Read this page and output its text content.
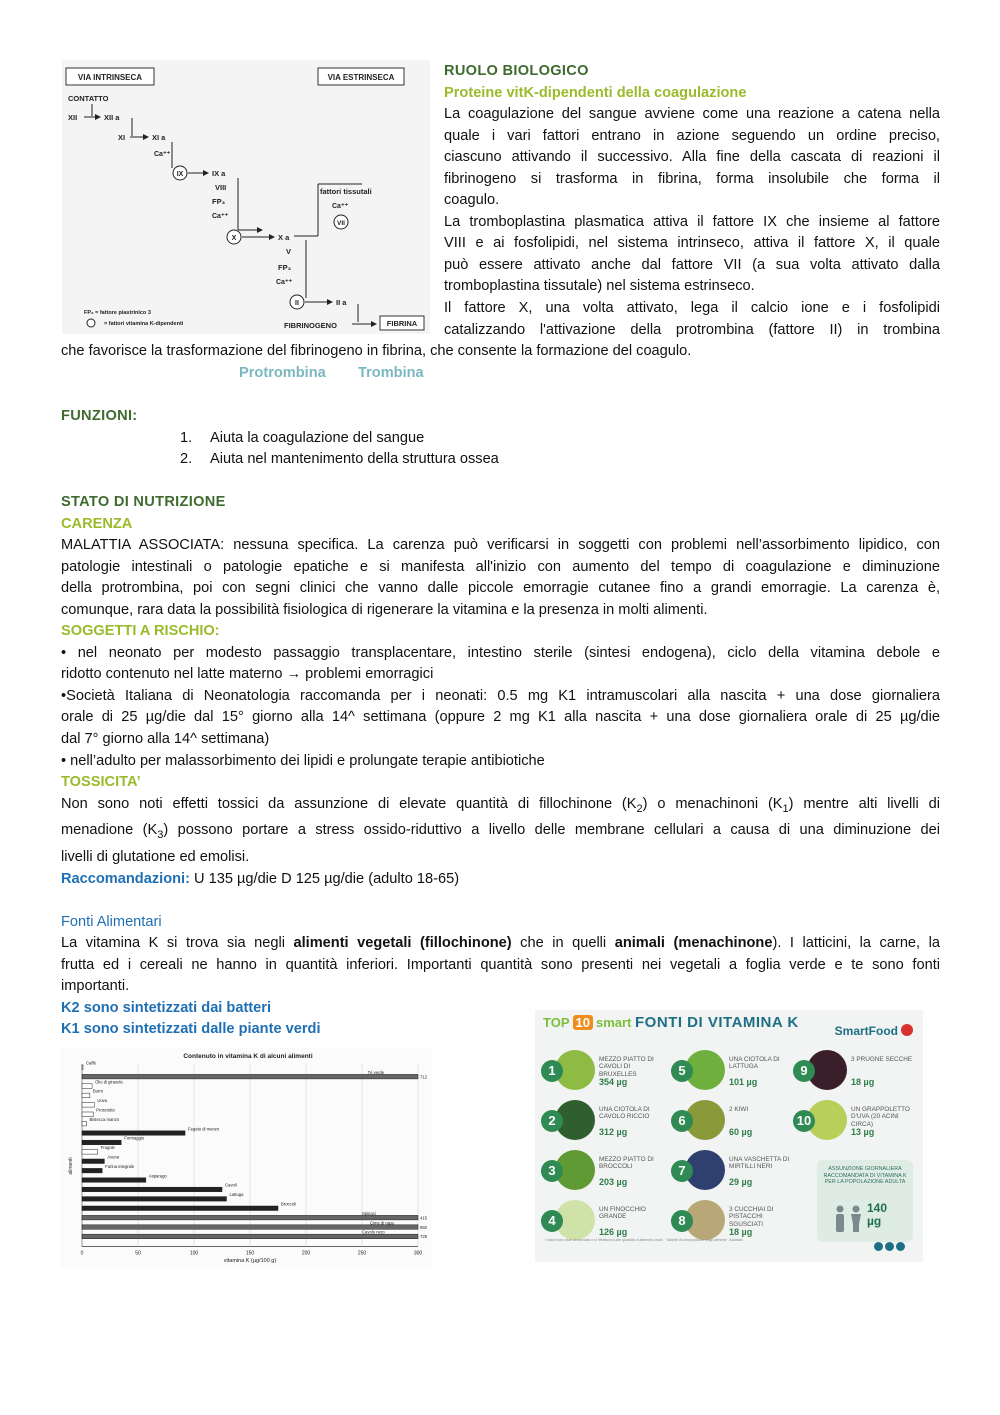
VIA INTRINSECA	VIA ESTRINSECA
CONTATTO
XII	XII a
XI	XI a
Ca⁺⁺
IX	IX a
VIII
FP₃
Ca⁺⁺
fattori tissutali
Ca⁺⁺
VII
X	X a
V
FP₃
Ca⁺⁺
II	II a
FIBRINOGENO	FIBRINA
FP₃ = fattore piastrinico 3
= fattori vitamina K-dipendenti
RUOLO BIOLOGICO
Proteine vitK-dipendenti della coagulazione
La coagulazione del sangue avviene come una reazione a catena nella
quale i vari fattori entrano in azione seguendo un ordine preciso,
ciascuno attivando il successivo. Alla fine della cascata di reazioni il
fibrinogeno si trasforma in fibrina, forma insolubile che forma il
coagulo.
La tromboplastina plasmatica attiva il fattore IX che insieme al fattore
VIII e ai fosfolipidi, nel sistema intrinseco, attiva il fattore X, il quale
può essere attivato anche dal fattore VII (a sua volta attivato dalla
tromboplastina tissutale) nel sistema estrinseco.
Il fattore X, una volta attivato, lega il calcio ione e i fosfolipidi
catalizzando l'attivazione della protrombina (fattore II) in trombina
che favorisce la trasformazione del fibrinogeno in fibrina, che consente la formazione del coagulo.
Protrombina Trombina
FUNZIONI:
1. Aiuta la coagulazione del sangue
2. Aiuta nel mantenimento della struttura ossea
STATO DI NUTRIZIONE
CARENZA
MALATTIA ASSOCIATA: nessuna specifica. La carenza può verificarsi in soggetti con problemi nell’assorbimento lipidico, con
patologie intestinali o patologie epatiche e si manifesta all'inizio con aumento del tempo di coagulazione e diminuzione
della protrombina, poi con segni clinici che vanno dalle piccole emorragie cutanee fino a grandi emorragie. La carenza è,
comunque, rara data la possibilità fisiologica di rigenerare la vitamina e la presenza in molti alimenti.
SOGGETTI A RISCHIO:
• nel neonato per modesto passaggio transplacentare, intestino sterile (sintesi endogena), ciclo della vitamina debole e
ridotto contenuto nel latte materno → problemi emorragici
•Società Italiana di Neonatologia raccomanda per i neonati: 0.5 mg K1 intramuscolari alla nascita + una dose giornaliera
orale di 25 µg/die dal 15° giorno alla 14^ settimana (oppure 2 mg K1 alla nascita + una dose giornaliera orale di 25 µg/die
dal 7° giorno alla 14^ settimana)
• nell’adulto per malassorbimento dei lipidi e prolungate terapie antibiotiche
TOSSICITA’
Non sono noti effetti tossici da assunzione di elevate quantità di fillochinone $(K_2)$ o menachinoni $(K_1)$ mentre alti livelli di
menadione $(K_3)$ possono portare a stress ossido-riduttivo a livello delle membrane cellulari a causa di una diminuzione dei
livelli di glutatione ed emolisi.
Raccomandazioni: U 135 µg/die D 125 µg/die (adulto 18-65)
Fonti Alimentari
La vitamina K si trova sia negli alimenti vegetali (fillochinone) che in quelli animali (menachinone). I latticini, la carne, la
frutta ed i cereali ne hanno in quantità inferiori. Importanti quantità sono presenti nei vegetali a foglia verde e te sono fonti
importanti.
K2 sono sintetizzati dai batteri
K1 sono sintetizzati dalle piante verdi
Contenuto in vitamina K di alcuni alimenti
alimenti
vitamina K (µg/100 g)
Caffè
Tè verde
712
Olio di girasole
Burro
Uova
Prosciutto
Bistecca manzo
Fegato di manzo
Formaggio
Fragole
Avena
Farina integrale
Asparago
Cavoli
Lattuga
Broccoli
Spinaci
415
Cime di rapa
650
Cavolo nero
729
0	50	100	150	200	250	300
TOP 10 smart FONTI DI VITAMINA K	SmartFood
1
MEZZO PIATTO DI CAVOLI DI BRUXELLES
354 µg
2
UNA CIOTOLA DI CAVOLO RICCIO
312 µg
3
MEZZO PIATTO DI BROCCOLI
203 µg
4
UN FINOCCHIO GRANDE
126 µg
5
UNA CIOTOLA DI LATTUGA
101 µg
6
2 KIWI
60 µg
7
UNA VASCHETTA DI MIRTILLI NERI
29 µg
8
3 CUCCHIAI DI PISTACCHI SGUSCIATI
18 µg
9
3 PRUGNE SECCHE
18 µg
10
UN GRAPPOLETTO D'UVA (20 ACINI CIRCA)
13 µg
ASSUNZIONE GIORNALIERA RACCOMANDATA DI VITAMINA K PER LA POPOLAZIONE ADULTA
140
µg
I valori sono stati arrotondati e si riferiscono alle quantità di alimento crudo · Tabelle di composizione degli alimenti · Adattato
